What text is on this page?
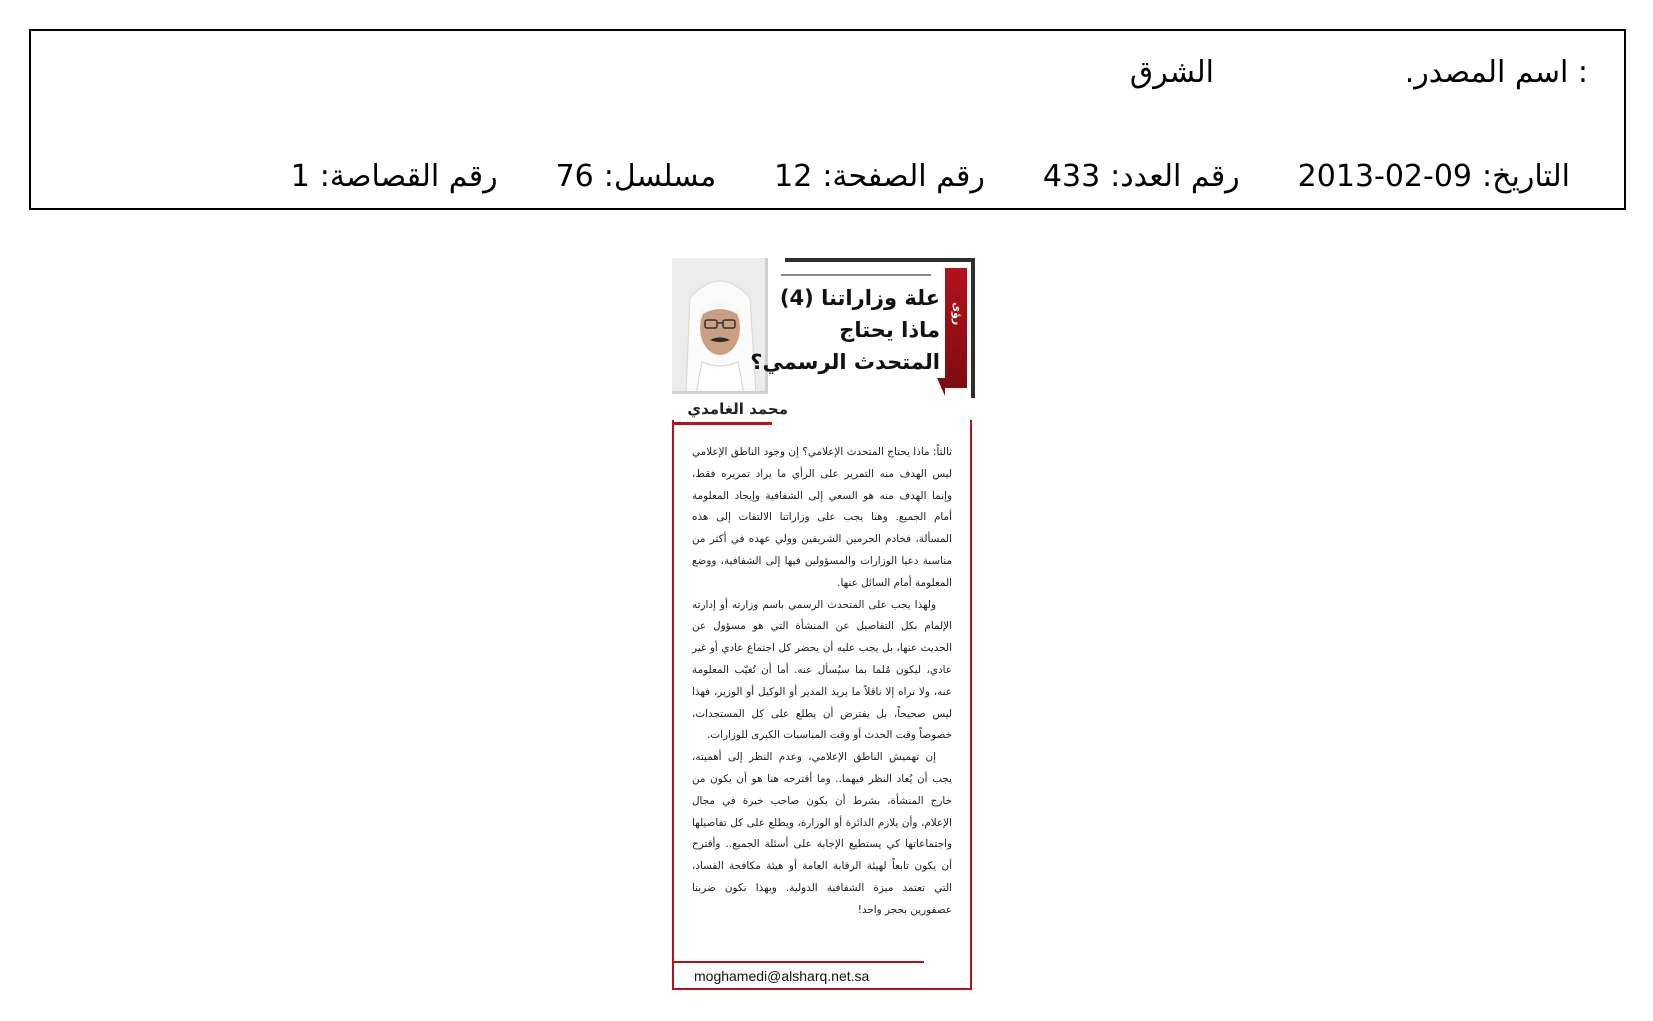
.اسم المصدر :
الشرق
التاريخ:
2013-02-09
رقم العدد:
433
رقم الصفحة:
12
مسلسل:
76
رقم القصاصة:
1
رؤى
علة وزاراتنا (4)
ماذا يحتاج
المتحدث الرسمي؟
محمد الغامدي

ثالثاً: ماذا يحتاج المتحدث الإعلامي؟ إن وجود الناطق الإعلامي ليس الهدف منه التمرير على الرأي ما يراد تمريره فقط، وإنما الهدف منه هو السعي إلى الشفافية وإيجاد المعلومة أمام الجميع. وهنا يجب على وزاراتنا الالتفات إلى هذه المسألة، فخادم الحرمين الشريفين وولي عهده في أكثر من مناسبة دعيا الوزارات والمسؤولين فيها إلى الشفافية، ووضع المعلومة أمام السائل عنها.

ولهذا يجب على المتحدث الرسمي باسم وزارته أو إدارته الإلمام بكل التفاصيل عن المنشأة التي هو مسؤول عن الحديث عنها، بل يجب عليه أن يحضر كل اجتماع عادي أو غير عادي، ليكون مُلما بما سيُسأل عنه. أما أن تُغيّب المعلومة عنه، ولا نراه إلا ناقلاً ما يريد المدير أو الوكيل أو الوزير، فهذا ليس صحيحاً، بل يفترض أن يطلع على كل المستجدات، خصوصاً وقت الحدث أو وقت المناسبات الكبرى للوزارات.

إن تهميش الناطق الإعلامي، وعدم النظر إلى أهميته، يجب أن يُعاد النظر فيهما.. وما أقترحه هنا هو أن يكون من خارج المنشأة، بشرط أن يكون صاحب خبرة في مجال الإعلام، وأن يلازم الدائرة أو الوزارة، ويطلع على كل تفاصيلها واجتماعاتها كي يستطيع الإجابة على أسئلة الجميع.. وأقترح أن يكون تابعاً لهيئة الرقابة العامة أو هيئة مكافحة الفساد، التي تعتمد ميزة الشفافية الدولية. وبهذا نكون ضربنا عصفورين بحجر واحد!

moghamedi@alsharq.net.sa
